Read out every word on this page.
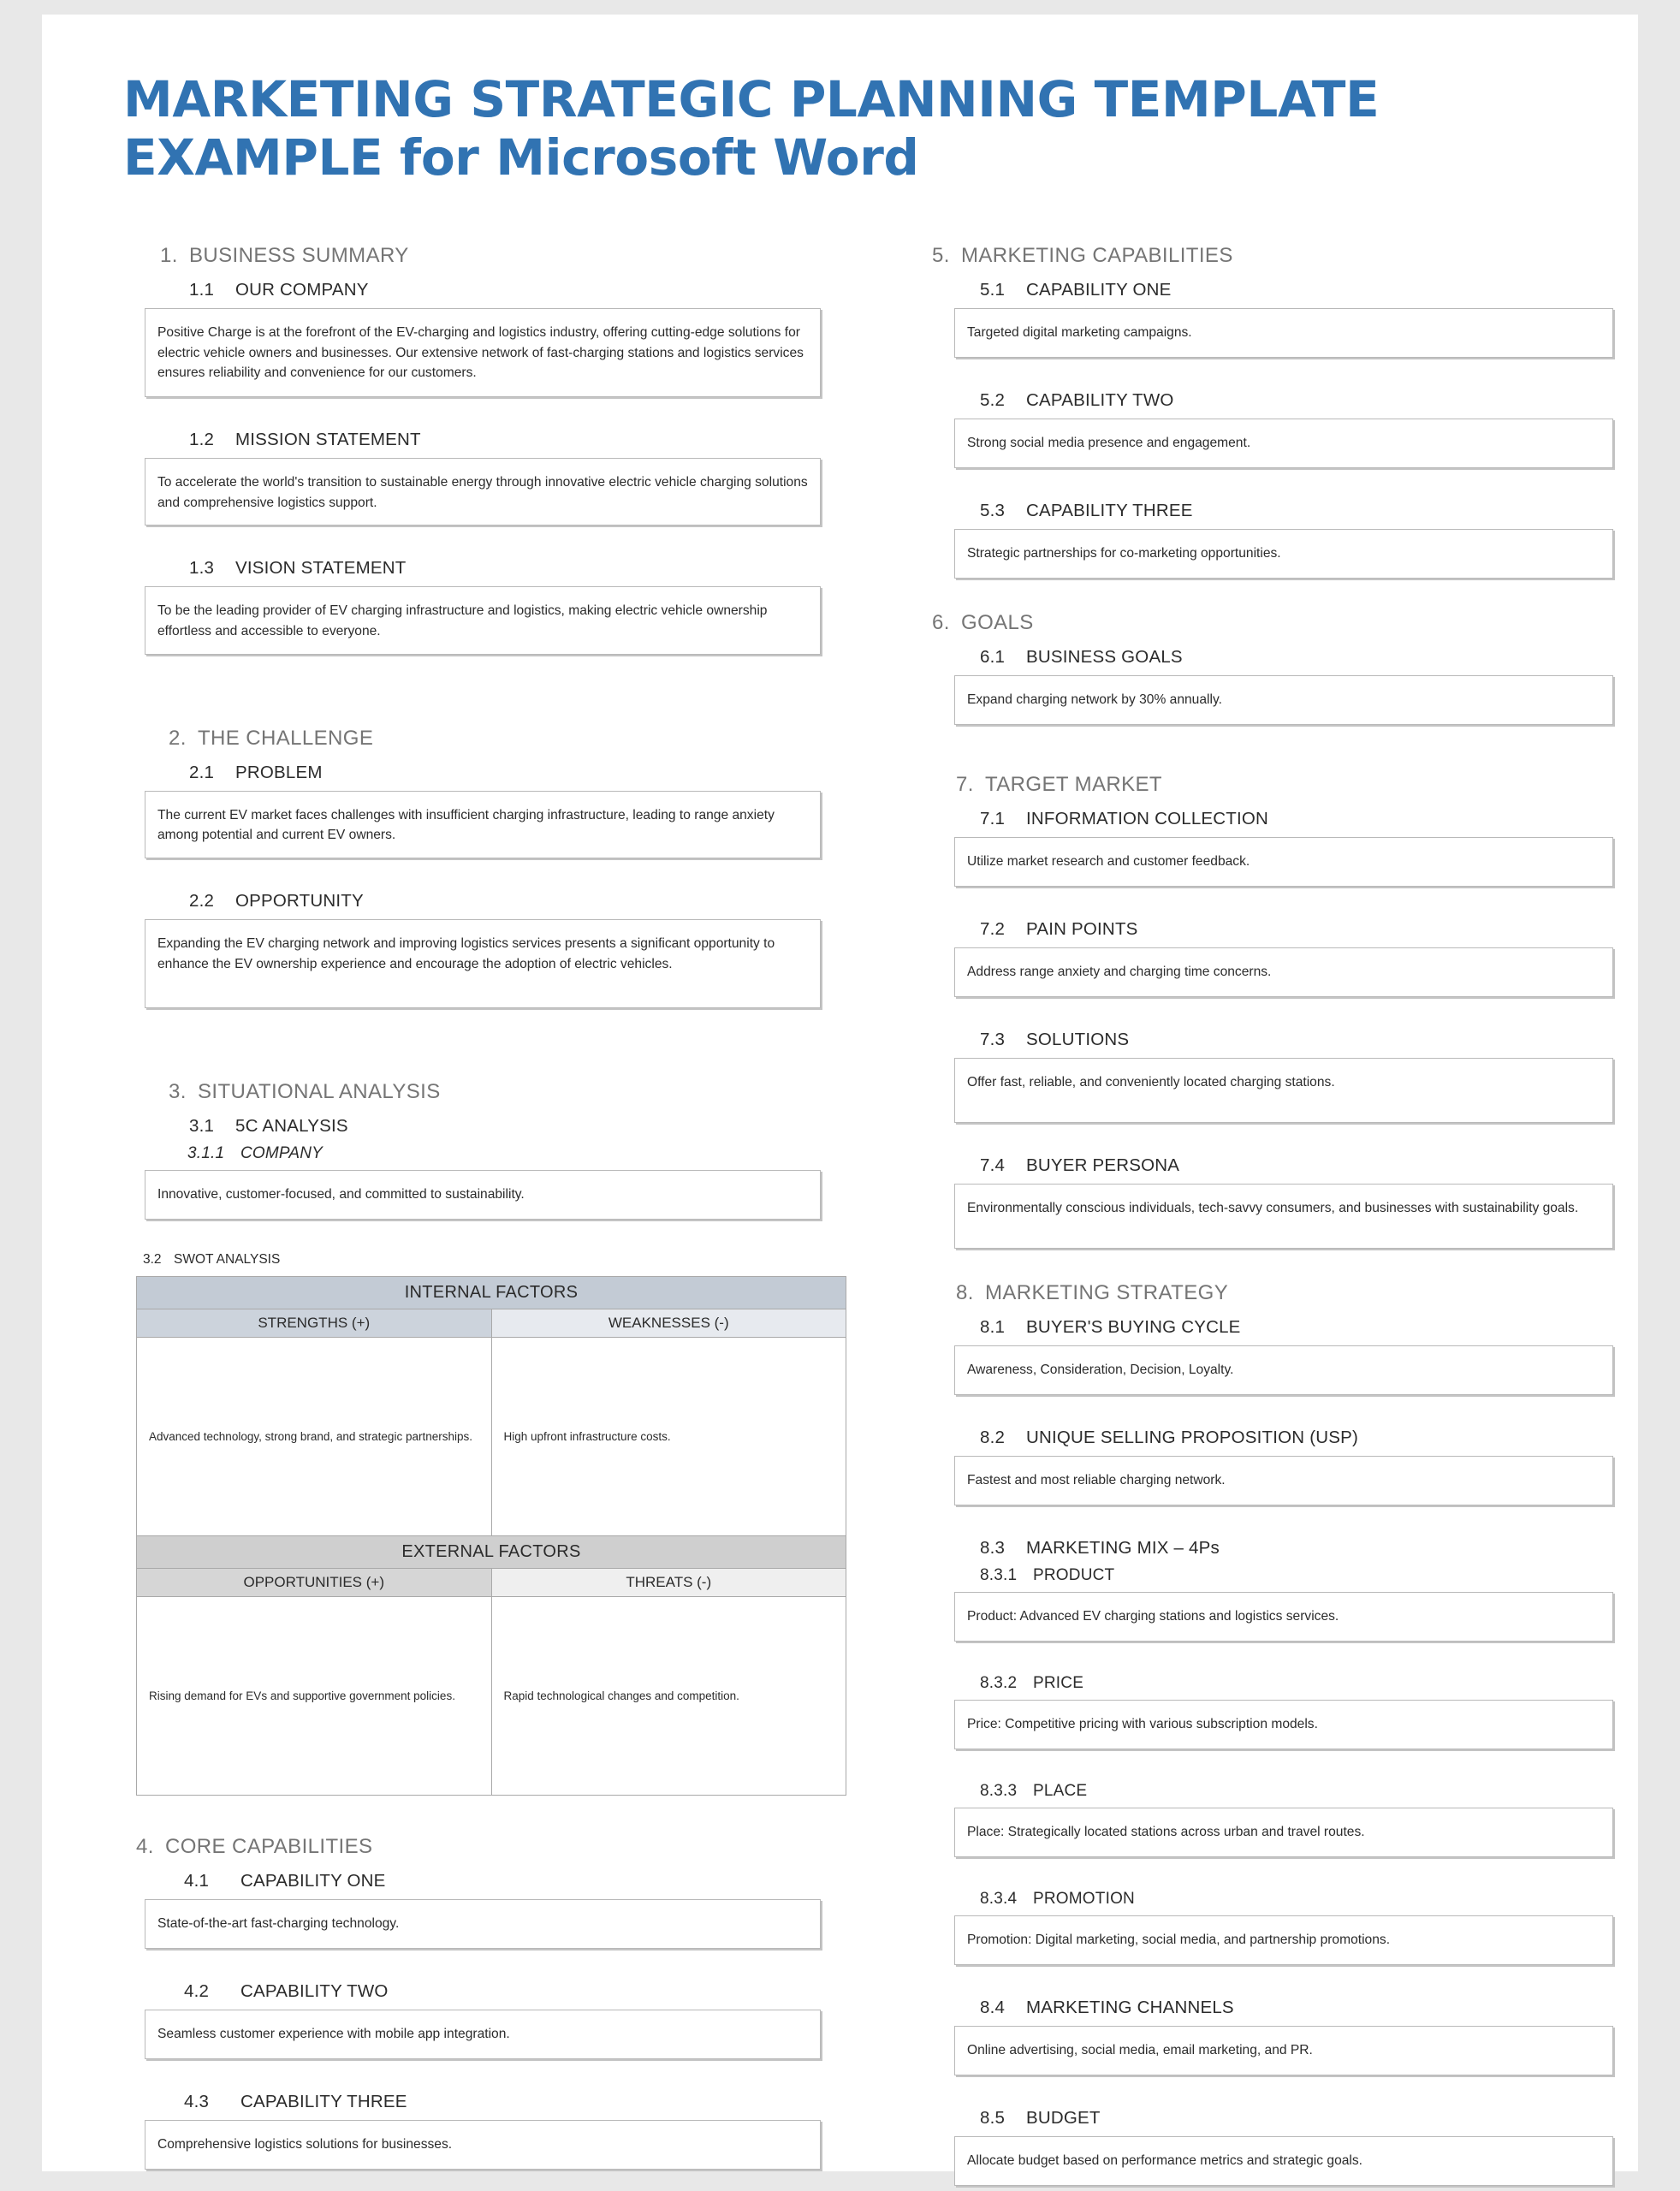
MARKETING STRATEGIC PLANNING TEMPLATE
EXAMPLE for Microsoft Word
1. BUSINESS SUMMARY
1.1	OUR COMPANY

Positive Charge is at the forefront of the EV-charging and logistics industry, offering cutting-edge solutions for electric vehicle owners and businesses. Our extensive network of fast-charging stations and logistics services ensures reliability and convenience for our customers.

1.2	MISSION STATEMENT

To accelerate the world's transition to sustainable energy through innovative electric vehicle charging solutions and comprehensive logistics support.

1.3	VISION STATEMENT

To be the leading provider of EV charging infrastructure and logistics, making electric vehicle ownership effortless and accessible to everyone.

2. THE CHALLENGE
2.1	PROBLEM

The current EV market faces challenges with insufficient charging infrastructure, leading to range anxiety among potential and current EV owners.

2.2	OPPORTUNITY

Expanding the EV charging network and improving logistics services presents a significant opportunity to enhance the EV ownership experience and encourage the adoption of electric vehicles.

3. SITUATIONAL ANALYSIS
3.1	5C ANALYSIS
3.1.1 COMPANY

Innovative, customer-focused, and committed to sustainability.

3.2 SWOT ANALYSIS
INTERNAL FACTORS	
STRENGTHS (+)	WEAKNESSES (-)
Advanced technology, strong brand, and strategic partnerships.	High upfront infrastructure costs.
EXTERNAL FACTORS	
OPPORTUNITIES (+)	THREATS (-)
Rising demand for EVs and supportive government policies.	Rapid technological changes and competition.
4. CORE CAPABILITIES
4.1	CAPABILITY ONE

State-of-the-art fast-charging technology.

4.2	CAPABILITY TWO

Seamless customer experience with mobile app integration.

4.3	CAPABILITY THREE

Comprehensive logistics solutions for businesses.

5. MARKETING CAPABILITIES
5.1	CAPABILITY ONE

Targeted digital marketing campaigns.

5.2	CAPABILITY TWO

Strong social media presence and engagement.

5.3	CAPABILITY THREE

Strategic partnerships for co-marketing opportunities.

6. GOALS
6.1	BUSINESS GOALS

Expand charging network by 30% annually.

7. TARGET MARKET
7.1	INFORMATION COLLECTION

Utilize market research and customer feedback.

7.2	PAIN POINTS

Address range anxiety and charging time concerns.

7.3	SOLUTIONS

Offer fast, reliable, and conveniently located charging stations.

7.4	BUYER PERSONA

Environmentally conscious individuals, tech-savvy consumers, and businesses with sustainability goals.

8. MARKETING STRATEGY
8.1	BUYER'S BUYING CYCLE

Awareness, Consideration, Decision, Loyalty.

8.2	UNIQUE SELLING PROPOSITION (USP)

Fastest and most reliable charging network.

8.3	MARKETING MIX – 4Ps
8.3.1 PRODUCT

Product: Advanced EV charging stations and logistics services.

8.3.2 PRICE

Price: Competitive pricing with various subscription models.

8.3.3 PLACE

Place: Strategically located stations across urban and travel routes.

8.3.4 PROMOTION

Promotion: Digital marketing, social media, and partnership promotions.

8.4	MARKETING CHANNELS

Online advertising, social media, email marketing, and PR.

8.5	BUDGET

Allocate budget based on performance metrics and strategic goals.
